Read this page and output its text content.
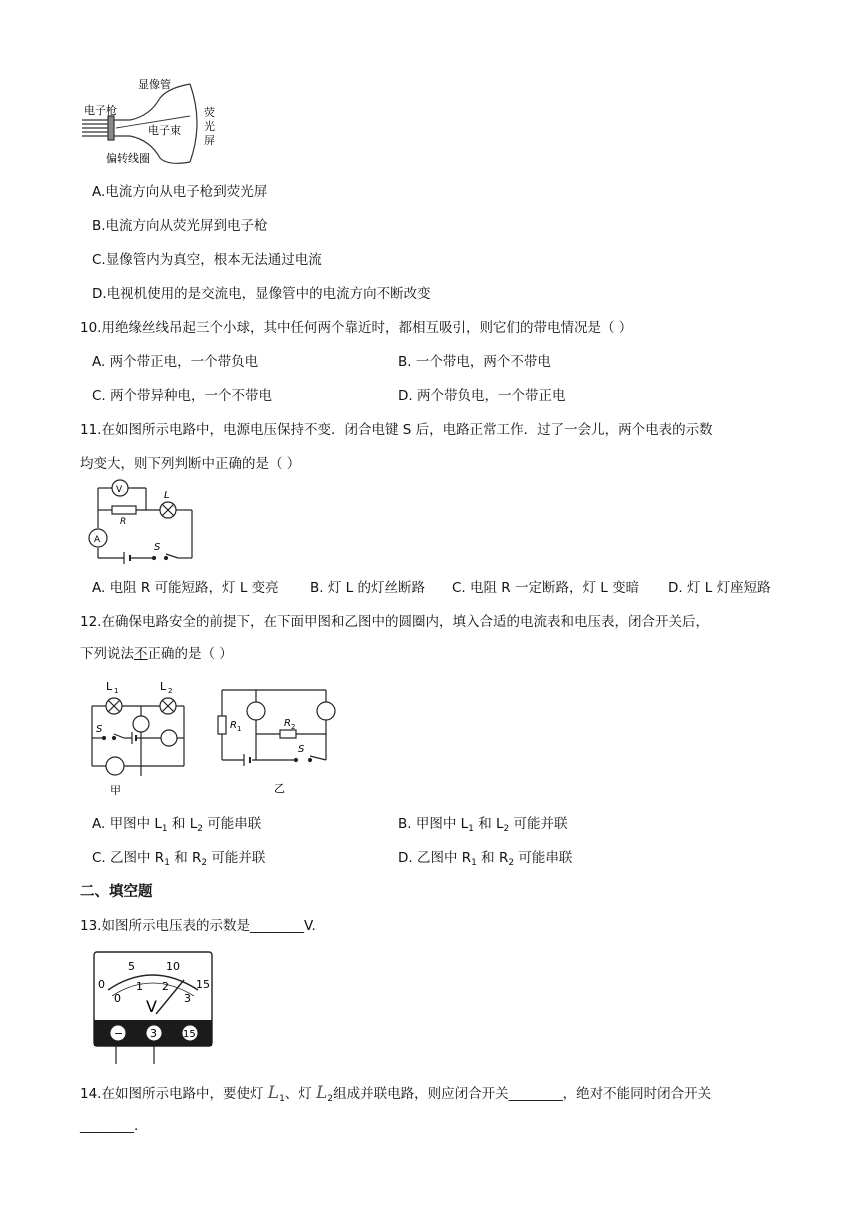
显像管
电子枪	荧
光
屏
电子束
偏转线圈
A.电流方向从电子枪到荧光屏
B.电流方向从荧光屏到电子枪
C.显像管内为真空，根本无法通过电流
D.电视机使用的是交流电，显像管中的电流方向不断改变
10.用绝缘丝线吊起三个小球，其中任何两个靠近时，都相互吸引，则它们的带电情况是（ ）
A. 两个带正电，一个带负电	B. 一个带电，两个不带电
C. 两个带异种电，一个不带电	D. 两个带负电，一个带正电
11.在如图所示电路中，电源电压保持不变．闭合电键 S 后，电路正常工作．过了一会儿，两个电表的示数
均变大，则下列判断中正确的是（ ）
V	L
R
A
S
A. 电阻 R 可能短路，灯 L 变亮 B. 灯 L 的灯丝断路 C. 电阻 R 一定断路，灯 L 变暗 D. 灯 L 灯座短路
12.在确保电路安全的前提下，在下面甲图和乙图中的圆圈内，填入合适的电流表和电压表，闭合开关后，
下列说法不正确的是（ ）
L 1	L 2
S
甲
R 1	R 2
S
乙
A. 甲图中 $L_1$ 和 $L_2$ 可能串联	B. 甲图中 $L_1$ 和 $L_2$ 可能并联
C. 乙图中 $R_1$ 和 $R_2$ 可能并联	D. 乙图中 $R_1$ 和 $R_2$ 可能串联
二、填空题
13.如图所示电压表的示数是________V.
0
5	10
15
0
1 2
3
V
− 3	15
14.在如图所示电路中，要使灯 $L_1$、灯 $L_2$组成并联电路，则应闭合开关________，绝对不能同时闭合开关
________.
